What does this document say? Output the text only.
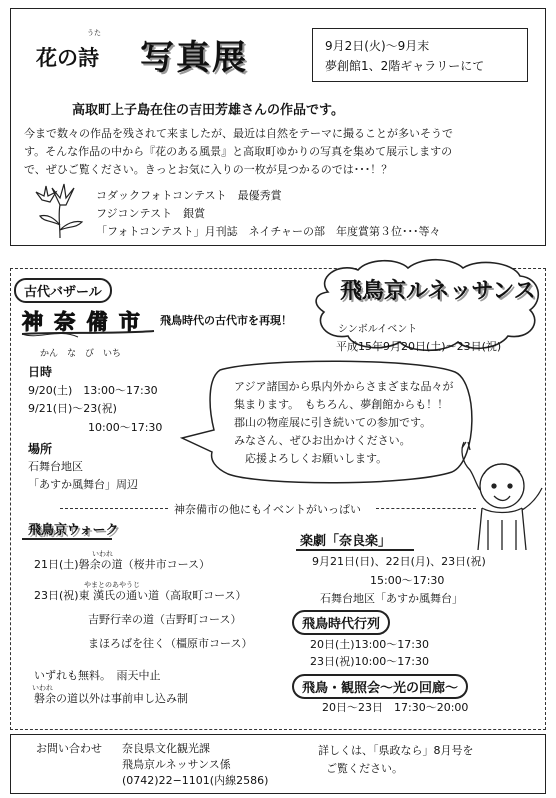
うた
花の詩 写真展	9月2日(火)〜9月末
夢創館1、2階ギャラリーにて
高取町上子島在住の吉田芳雄さんの作品です。
今まで数々の作品を残されて来ましたが、最近は自然をテーマに撮ることが多いそうで
す。そんな作品の中から『花のある風景』と高取町ゆかりの写真を集めて展示しますの
で、ぜひご覧ください。きっとお気に入りの一枚が見つかるのでは･･･！？
コダックフォトコンテスト　最優秀賞
フジコンテスト　銀賞
「フォトコンテスト」月刊誌　ネイチャーの部　年度賞第３位･･･等々
古代バザール
神 奈 備 市
かん　な　び　いち
飛鳥時代の古代市を再現！
飛鳥京ルネッサンス
シンボルイベント
平成15年9月20日(土)〜23日(祝)
日時
9/20(土)　13:00〜17:30
9/21(日)〜23(祝)
10:00〜17:30
場所
石舞台地区
「あすか風舞台」周辺
アジア諸国から県内外からさまざまな品々が
集まります。　もちろん、夢創館からも！！
郡山の物産展に引き続いての参加です。
みなさん、ぜひお出かけください。
　応援よろしくお願いします。
神奈備市の他にもイベントがいっぱい
飛鳥京ウォーク
いわれ
21日(土)磐余の道（桜井市コース）
やまとのあやうじ
23日(祝)東 漢氏の通い道（高取町コース）
吉野行幸の道（吉野町コース）
まほろばを往く（橿原市コース）
いずれも無料。　雨天中止
いわれ
磐余の道以外は事前申し込み制
楽劇「奈良楽」
9月21日(日)、22日(月)、23日(祝)
15:00〜17:30
石舞台地区「あすか風舞台」
飛鳥時代行列
20日(土)13:00〜17:30
23日(祝)10:00〜17:30
飛鳥・観照会〜光の回廊〜
20日〜23日　17:30〜20:00
お問い合わせ 奈良県文化観光課
飛鳥京ルネッサンス係
(0742)22−1101(内線2586)
詳しくは、「県政なら」8月号を
ご覧ください。
